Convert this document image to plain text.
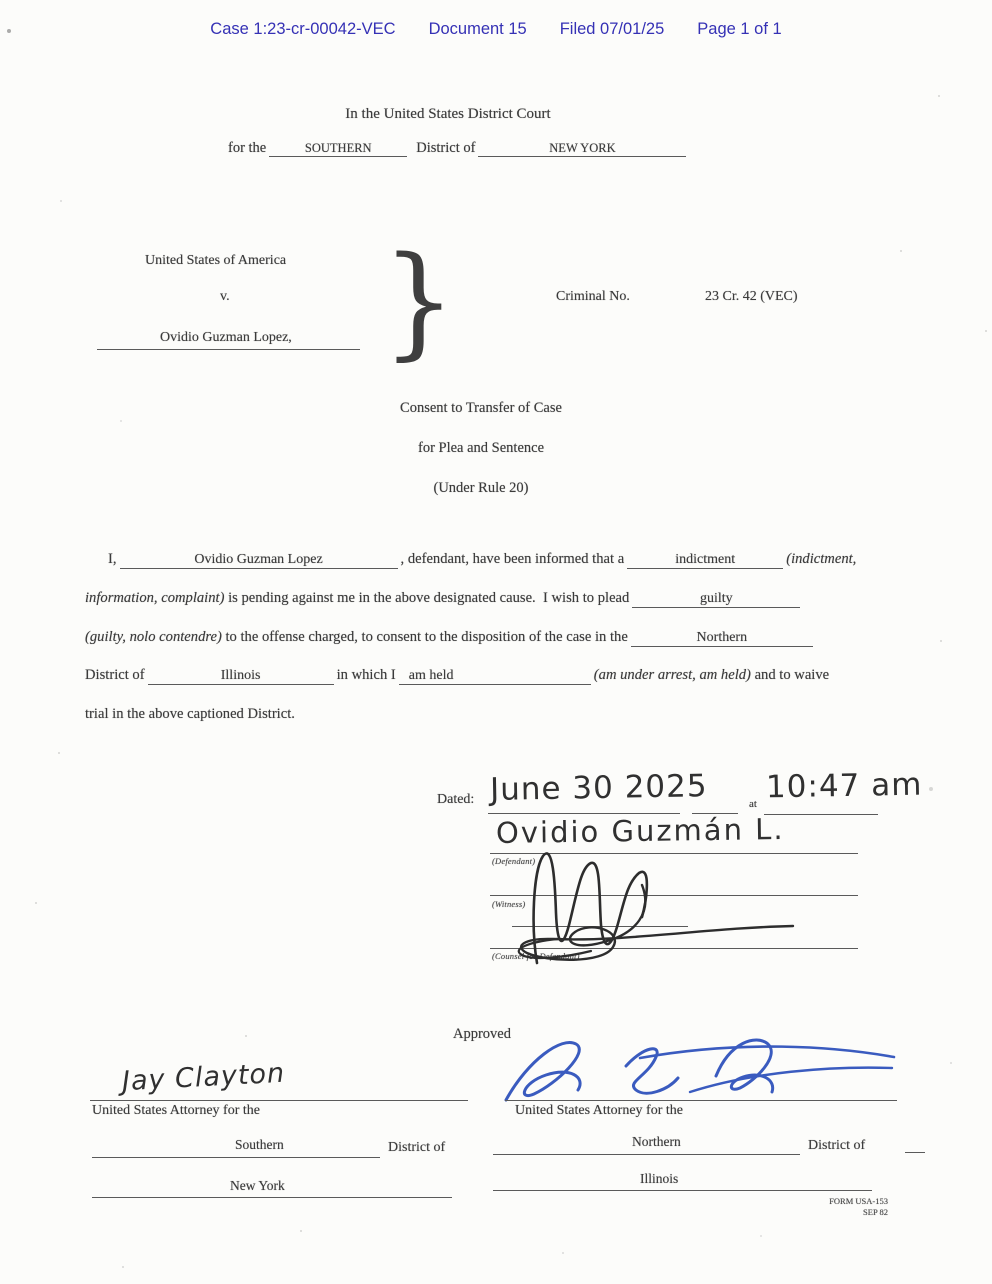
Case 1:23-cr-00042-VEC Document 15 Filed 07/01/25 Page 1 of 1
In the United States District Court
for the	SOUTHERN	District of	NEW YORK
United States of America
v.
Ovidio Guzman Lopez, }	Criminal No.	23 Cr. 42 (VEC)
Consent to Transfer of Case
for Plea and Sentence
(Under Rule 20)
I,	Ovidio Guzman Lopez	, defendant, have been informed that a	indictment	(indictment,
information, complaint) is pending against me in the above designated cause.  I wish to plead	guilty
(guilty, nolo contendre) to the offense charged, to consent to the disposition of the case in the	Northern
District of	Illinois	in which I am held	(am under arrest, am held) and to waive
trial in the above captioned District.
Dated: June 30 2025	at 10:47 am
Ovidio Guzmán L.
(Defendant)
(Witness)
(Counsel for Defendant)
Approved
Jay Clayton
United States Attorney for the
Southern	District of
New York
United States Attorney for the
Northern	District of
Illinois
FORM USA-153
SEP 82
